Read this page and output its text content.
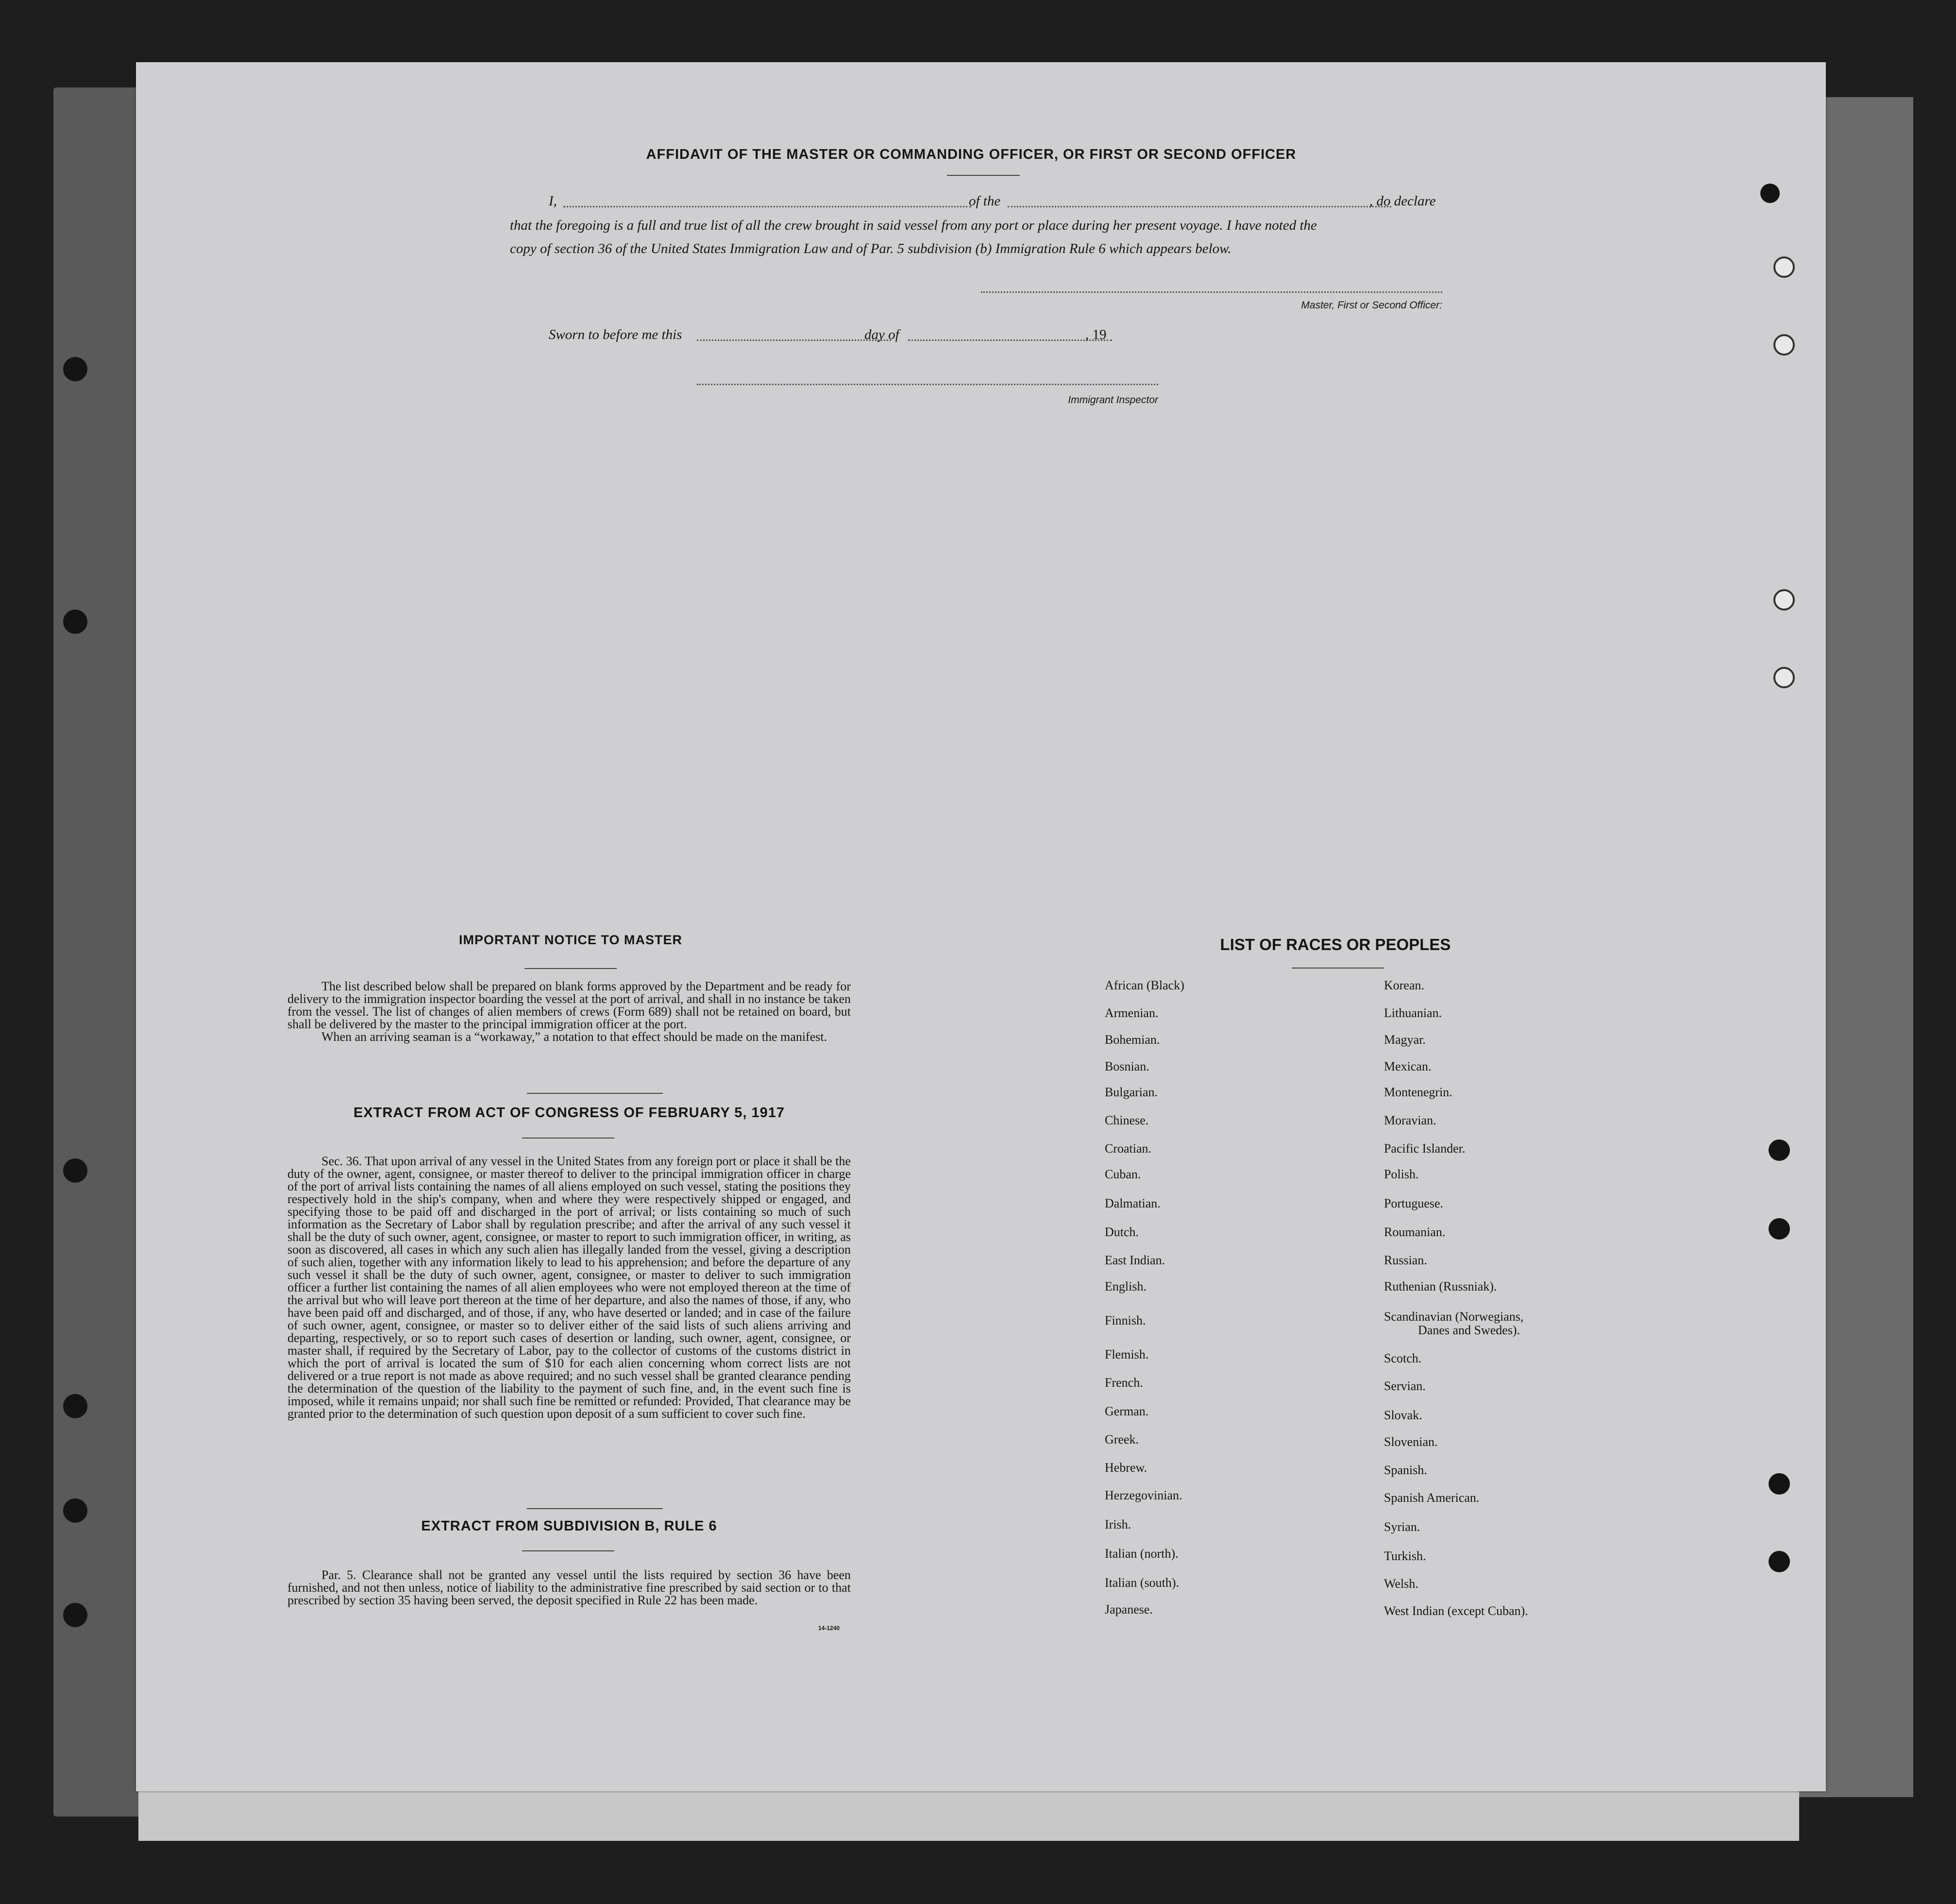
AFFIDAVIT OF THE MASTER OR COMMANDING OFFICER, OR FIRST OR SECOND OFFICER
I,	of the	, do declare
that the foregoing is a full and true list of all the crew brought in said vessel from any port or place during her present voyage. I have noted the
copy of section 36 of the United States Immigration Law and of Par. 5 subdivision (b) Immigration Rule 6 which appears below.
Master, First or Second Officer:
Sworn to before me this	day of	, 19
Immigrant Inspector
IMPORTANT NOTICE TO MASTER

The list described below shall be prepared on blank forms approved by the Department and be ready for delivery to the immigration inspector boarding the vessel at the port of arrival, and shall in no instance be taken from the vessel. The list of changes of alien members of crews (Form 689) shall not be retained on board, but shall be delivered by the master to the principal immigration officer at the port.

When an arriving seaman is a “workaway,” a notation to that effect should be made on the manifest.

EXTRACT FROM ACT OF CONGRESS OF FEBRUARY 5, 1917

Sec. 36. That upon arrival of any vessel in the United States from any foreign port or place it shall be the duty of the owner, agent, consignee, or master thereof to deliver to the principal immigration officer in charge of the port of arrival lists containing the names of all aliens employed on such vessel, stating the positions they respectively hold in the ship's company, when and where they were respectively shipped or engaged, and specifying those to be paid off and discharged in the port of arrival; or lists containing so much of such information as the Secretary of Labor shall by regulation prescribe; and after the arrival of any such vessel it shall be the duty of such owner, agent, consignee, or master to report to such immigration officer, in writing, as soon as discovered, all cases in which any such alien has illegally landed from the vessel, giving a description of such alien, together with any information likely to lead to his apprehension; and before the departure of any such vessel it shall be the duty of such owner, agent, consignee, or master to deliver to such immigration officer a further list containing the names of all alien employees who were not employed thereon at the time of the arrival but who will leave port thereon at the time of her departure, and also the names of those, if any, who have been paid off and discharged, and of those, if any, who have deserted or landed; and in case of the failure of such owner, agent, consignee, or master so to deliver either of the said lists of such aliens arriving and departing, respectively, or so to report such cases of desertion or landing, such owner, agent, consignee, or master shall, if required by the Secretary of Labor, pay to the collector of customs of the customs district in which the port of arrival is located the sum of $10 for each alien concerning whom correct lists are not delivered or a true report is not made as above required; and no such vessel shall be granted clearance pending the determination of the question of the liability to the payment of such fine, and, in the event such fine is imposed, while it remains unpaid; nor shall such fine be remitted or refunded: Provided, That clearance may be granted prior to the determination of such question upon deposit of a sum sufficient to cover such fine.

EXTRACT FROM SUBDIVISION B, RULE 6

Par. 5. Clearance shall not be granted any vessel until the lists required by section 36 have been furnished, and not then unless, notice of liability to the administrative fine prescribed by said section or to that prescribed by section 35 having been served, the deposit specified in Rule 22 has been made.

14-1240
LIST OF RACES OR PEOPLES
African (Black)
Armenian.
Bohemian.
Bosnian.
Bulgarian.
Chinese.
Croatian.
Cuban.
Dalmatian.
Dutch.
East Indian.
English.
Finnish.
Flemish.
French.
German.
Greek.
Hebrew.
Herzegovinian.
Irish.
Italian (north).
Italian (south).
Japanese.
Korean.
Lithuanian.
Magyar.
Mexican.
Montenegrin.
Moravian.
Pacific Islander.
Polish.
Portuguese.
Roumanian.
Russian.
Ruthenian (Russniak).
Scandinavian (Norwegians,
Danes and Swedes).
Scotch.
Servian.
Slovak.
Slovenian.
Spanish.
Spanish American.
Syrian.
Turkish.
Welsh.
West Indian (except Cuban).
